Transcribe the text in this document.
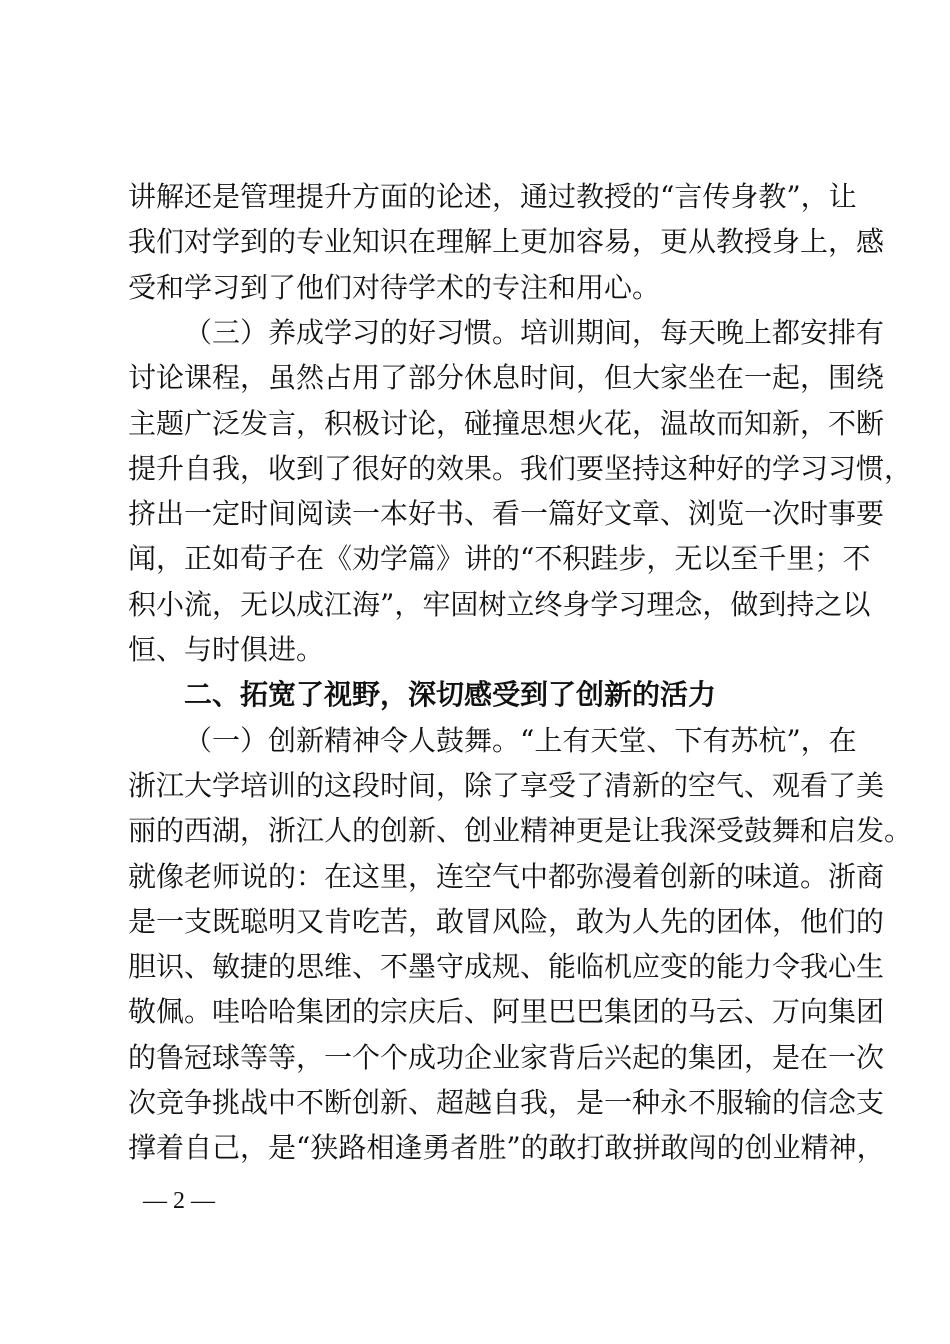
讲解还是管理提升方面的论述，通过教授的“言传身教”，让
我们对学到的专业知识在理解上更加容易，更从教授身上，感
受和学习到了他们对待学术的专注和用心。
（三）养成学习的好习惯。培训期间，每天晚上都安排有
讨论课程，虽然占用了部分休息时间，但大家坐在一起，围绕
主题广泛发言，积极讨论，碰撞思想火花，温故而知新，不断
提升自我，收到了很好的效果。我们要坚持这种好的学习习惯，
挤出一定时间阅读一本好书、看一篇好文章、浏览一次时事要
闻，正如荀子在《劝学篇》讲的“不积跬步，无以至千里；不
积小流，无以成江海”，牢固树立终身学习理念，做到持之以
恒、与时俱进。
二、拓宽了视野，深切感受到了创新的活力
（一）创新精神令人鼓舞。“上有天堂、下有苏杭”，在
浙江大学培训的这段时间，除了享受了清新的空气、观看了美
丽的西湖，浙江人的创新、创业精神更是让我深受鼓舞和启发。
就像老师说的：在这里，连空气中都弥漫着创新的味道。浙商
是一支既聪明又肯吃苦，敢冒风险，敢为人先的团体，他们的
胆识、敏捷的思维、不墨守成规、能临机应变的能力令我心生
敬佩。哇哈哈集团的宗庆后、阿里巴巴集团的马云、万向集团
的鲁冠球等等，一个个成功企业家背后兴起的集团，是在一次
次竞争挑战中不断创新、超越自我，是一种永不服输的信念支
撑着自己，是“狭路相逢勇者胜”的敢打敢拼敢闯的创业精神，
— 2 —
